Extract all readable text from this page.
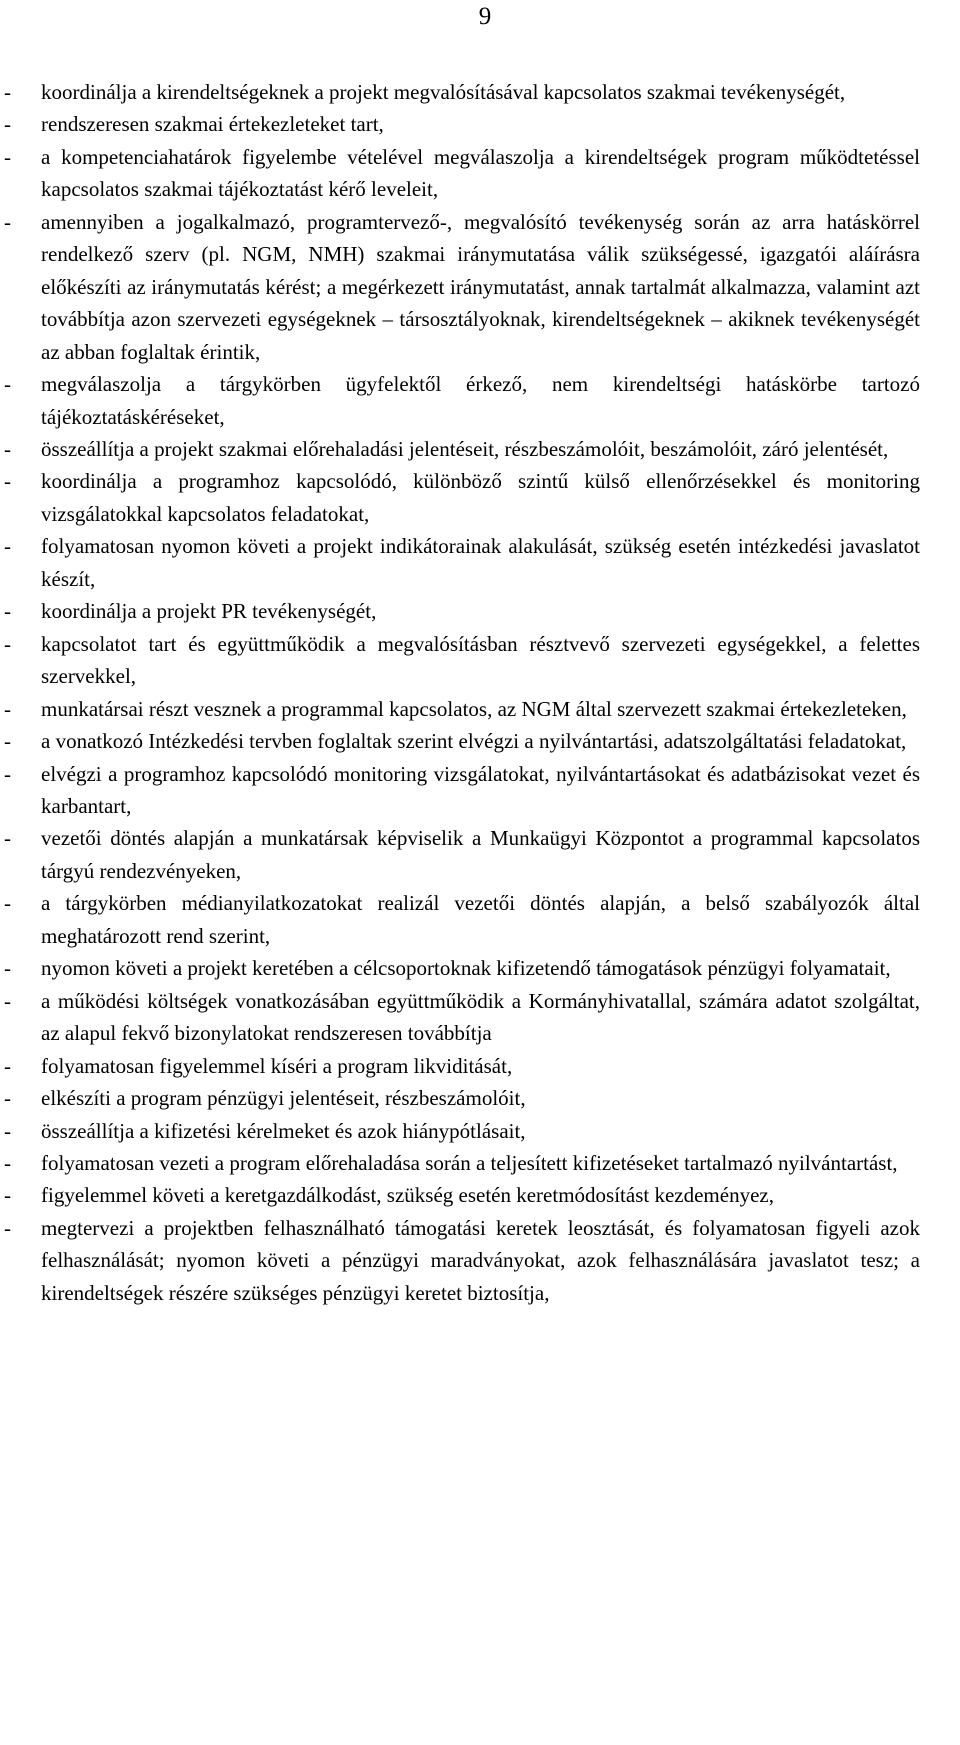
9
- koordinálja a kirendeltségeknek a projekt megvalósításával kapcsolatos szakmai tevékenységét,
- rendszeresen szakmai értekezleteket tart,
- a kompetenciahatárok figyelembe vételével megválaszolja a kirendeltségek program működtetéssel kapcsolatos szakmai tájékoztatást kérő leveleit,
- amennyiben a jogalkalmazó, programtervező-, megvalósító tevékenység során az arra hatáskörrel rendelkező szerv (pl. NGM, NMH) szakmai iránymutatása válik szükségessé, igazgatói aláírásra előkészíti az iránymutatás kérést; a megérkezett iránymutatást, annak tartalmát alkalmazza, valamint azt továbbítja azon szervezeti egységeknek – társosztályoknak, kirendeltségeknek – akiknek tevékenységét az abban foglaltak érintik,
- megválaszolja a tárgykörben ügyfelektől érkező, nem kirendeltségi hatáskörbe tartozó tájékoztatáskéréseket,
- összeállítja a projekt szakmai előrehaladási jelentéseit, részbeszámolóit, beszámolóit, záró jelentését,
- koordinálja a programhoz kapcsolódó, különböző szintű külső ellenőrzésekkel és monitoring vizsgálatokkal kapcsolatos feladatokat,
- folyamatosan nyomon követi a projekt indikátorainak alakulását, szükség esetén intézkedési javaslatot készít,
- koordinálja a projekt PR tevékenységét,
- kapcsolatot tart és együttműködik a megvalósításban résztvevő szervezeti egységekkel, a felettes szervekkel,
- munkatársai részt vesznek a programmal kapcsolatos, az NGM által szervezett szakmai értekezleteken,
- a vonatkozó Intézkedési tervben foglaltak szerint elvégzi a nyilvántartási, adatszolgáltatási feladatokat,
- elvégzi a programhoz kapcsolódó monitoring vizsgálatokat, nyilvántartásokat és adatbázisokat vezet és karbantart,
- vezetői döntés alapján a munkatársak képviselik a Munkaügyi Központot a programmal kapcsolatos tárgyú rendezvényeken,
- a tárgykörben médianyilatkozatokat realizál vezetői döntés alapján, a belső szabályozók által meghatározott rend szerint,
- nyomon követi a projekt keretében a célcsoportoknak kifizetendő támogatások pénzügyi folyamatait,
- a működési költségek vonatkozásában együttműködik a Kormányhivatallal, számára adatot szolgáltat, az alapul fekvő bizonylatokat rendszeresen továbbítja
- folyamatosan figyelemmel kíséri a program likviditását,
- elkészíti a program pénzügyi jelentéseit, részbeszámolóit,
- összeállítja a kifizetési kérelmeket és azok hiánypótlásait,
- folyamatosan vezeti a program előrehaladása során a teljesített kifizetéseket tartalmazó nyilvántartást,
- figyelemmel követi a keretgazdálkodást, szükség esetén keretmódosítást kezdeményez,
- megtervezi a projektben felhasználható támogatási keretek leosztását, és folyamatosan figyeli azok felhasználását; nyomon követi a pénzügyi maradványokat, azok felhasználására javaslatot tesz; a kirendeltségek részére szükséges pénzügyi keretet biztosítja,
